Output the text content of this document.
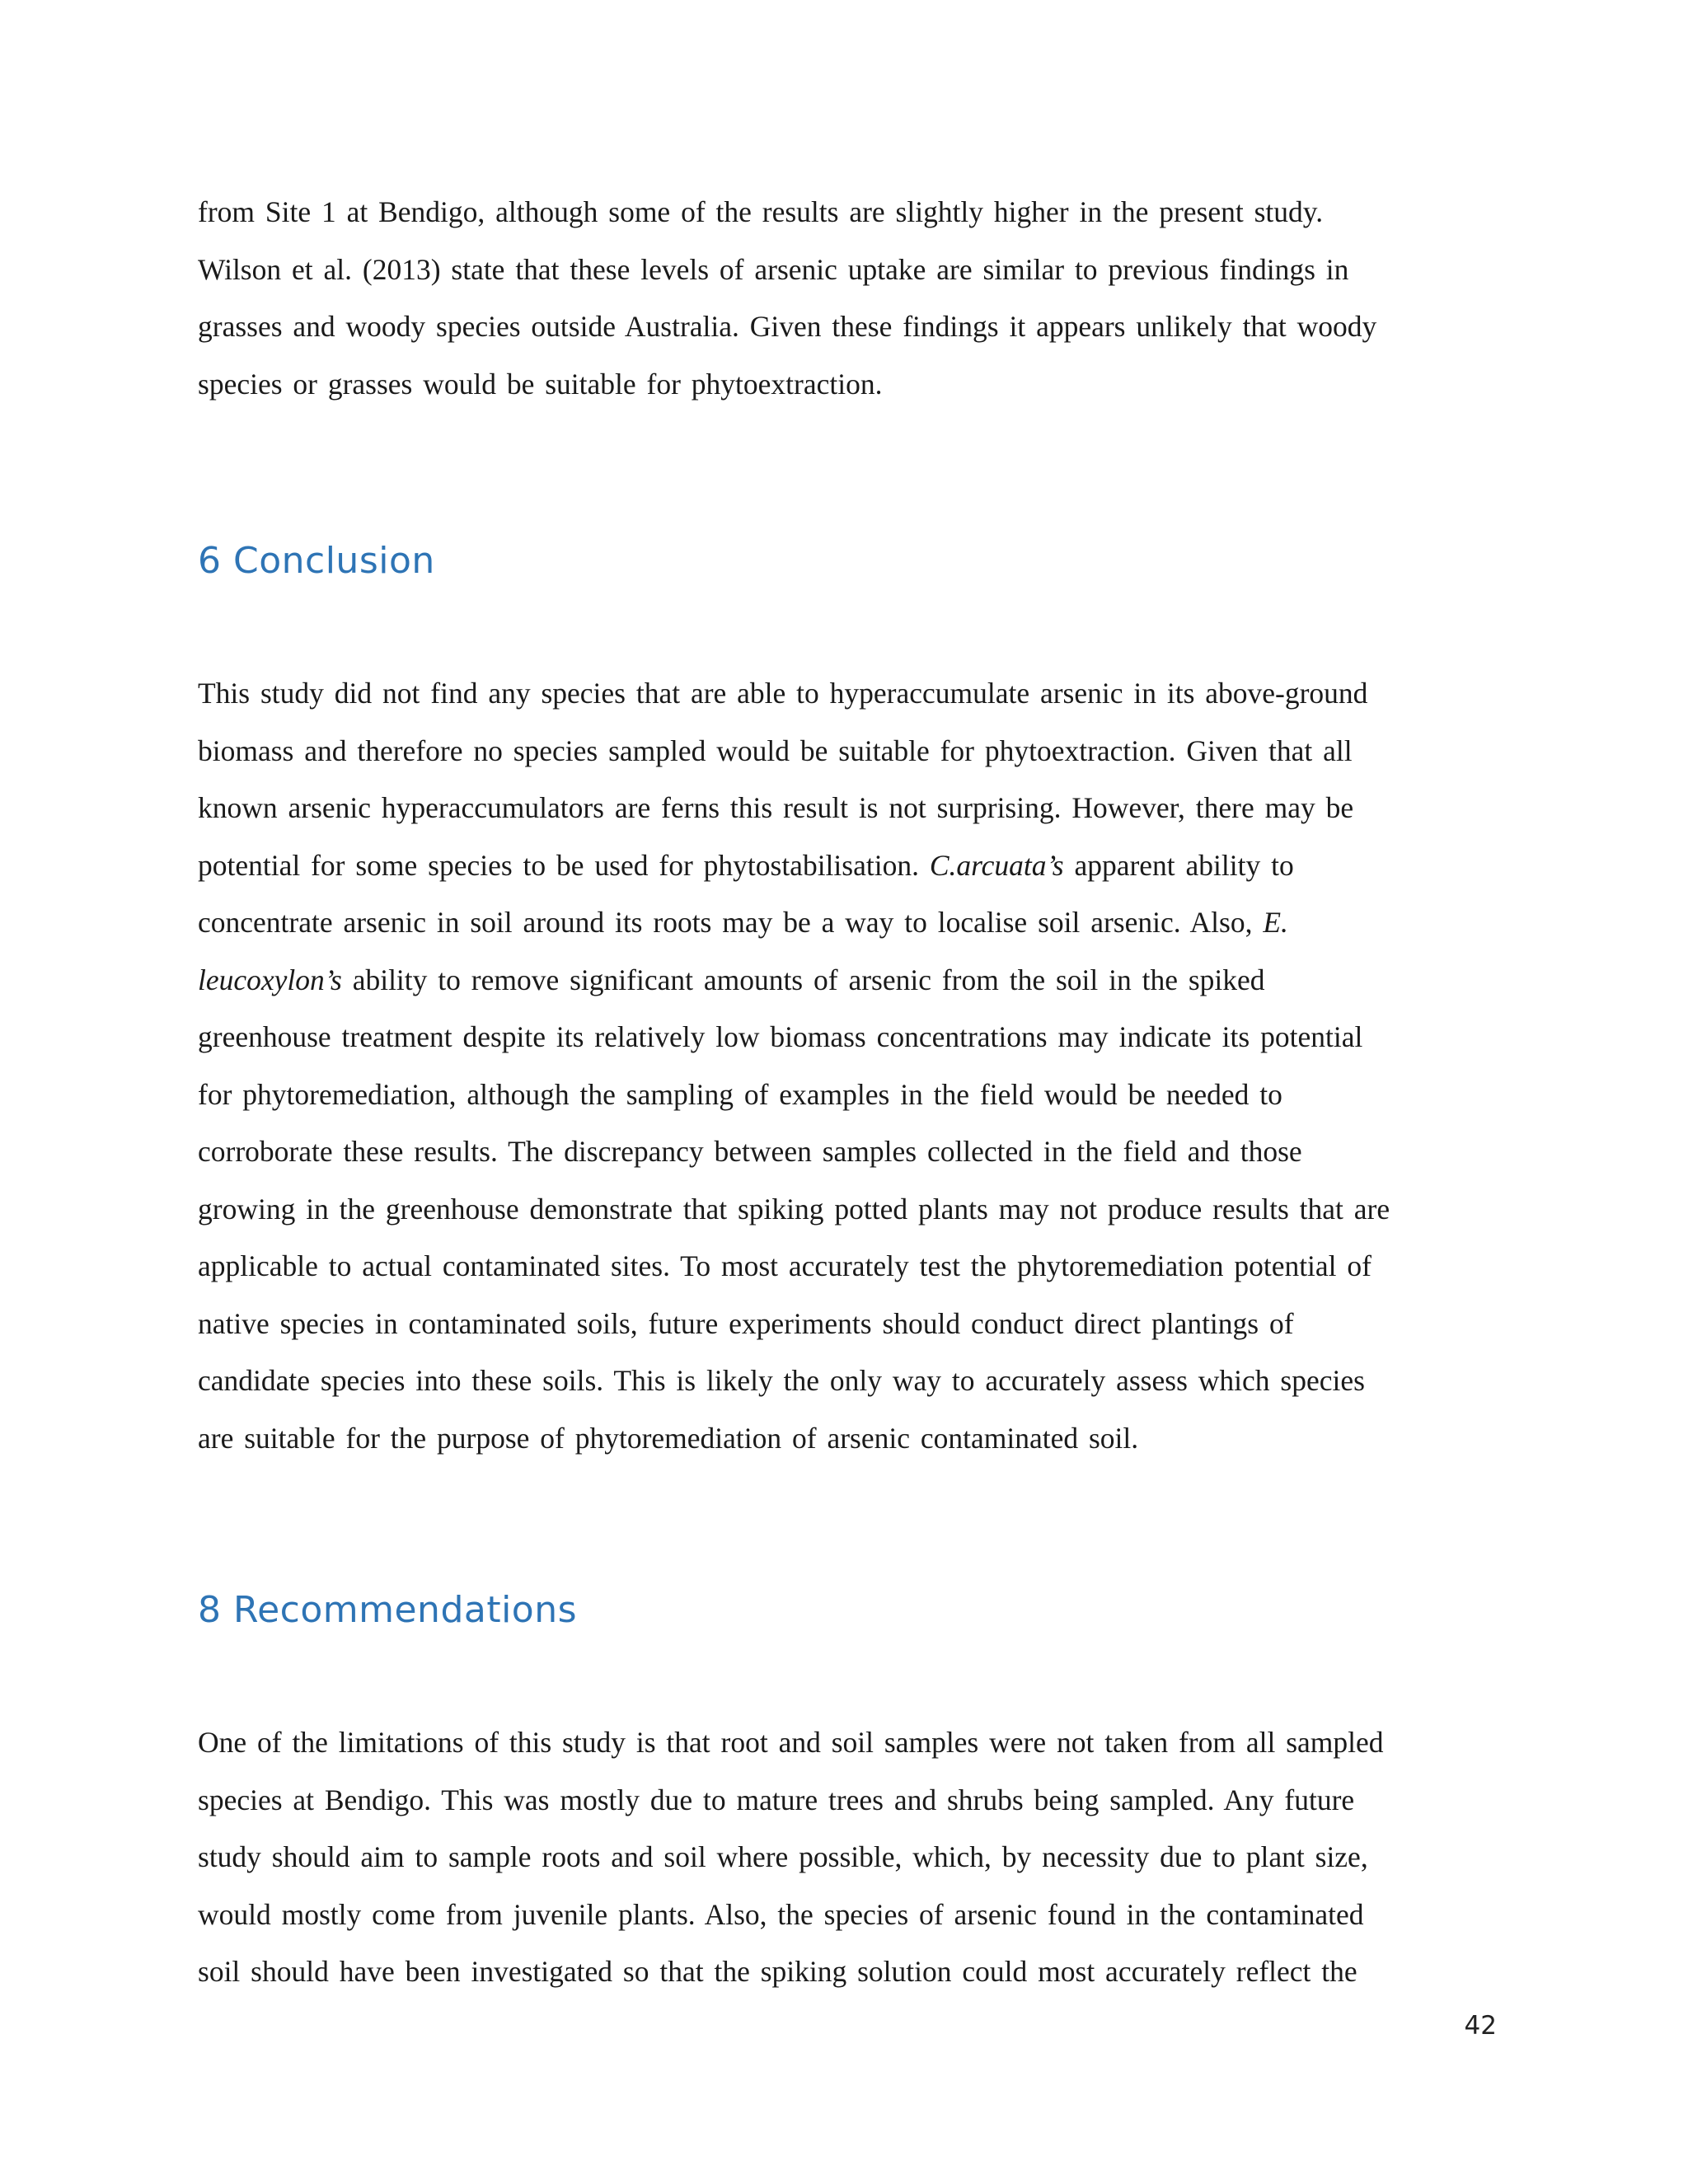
from Site 1 at Bendigo, although some of the results are slightly higher in the present study.
Wilson et al. (2013) state that these levels of arsenic uptake are similar to previous findings in
grasses and woody species outside Australia. Given these findings it appears unlikely that woody
species or grasses would be suitable for phytoextraction.
6 Conclusion
This study did not find any species that are able to hyperaccumulate arsenic in its above-ground
biomass and therefore no species sampled would be suitable for phytoextraction. Given that all
known arsenic hyperaccumulators are ferns this result is not surprising. However, there may be
potential for some species to be used for phytostabilisation. C.arcuata’s apparent ability to
concentrate arsenic in soil around its roots may be a way to localise soil arsenic. Also, E.
leucoxylon’s ability to remove significant amounts of arsenic from the soil in the spiked
greenhouse treatment despite its relatively low biomass concentrations may indicate its potential
for phytoremediation, although the sampling of examples in the field would be needed to
corroborate these results. The discrepancy between samples collected in the field and those
growing in the greenhouse demonstrate that spiking potted plants may not produce results that are
applicable to actual contaminated sites. To most accurately test the phytoremediation potential of
native species in contaminated soils, future experiments should conduct direct plantings of
candidate species into these soils. This is likely the only way to accurately assess which species
are suitable for the purpose of phytoremediation of arsenic contaminated soil.
8 Recommendations
One of the limitations of this study is that root and soil samples were not taken from all sampled
species at Bendigo. This was mostly due to mature trees and shrubs being sampled. Any future
study should aim to sample roots and soil where possible, which, by necessity due to plant size,
would mostly come from juvenile plants. Also, the species of arsenic found in the contaminated
soil should have been investigated so that the spiking solution could most accurately reflect the
42
